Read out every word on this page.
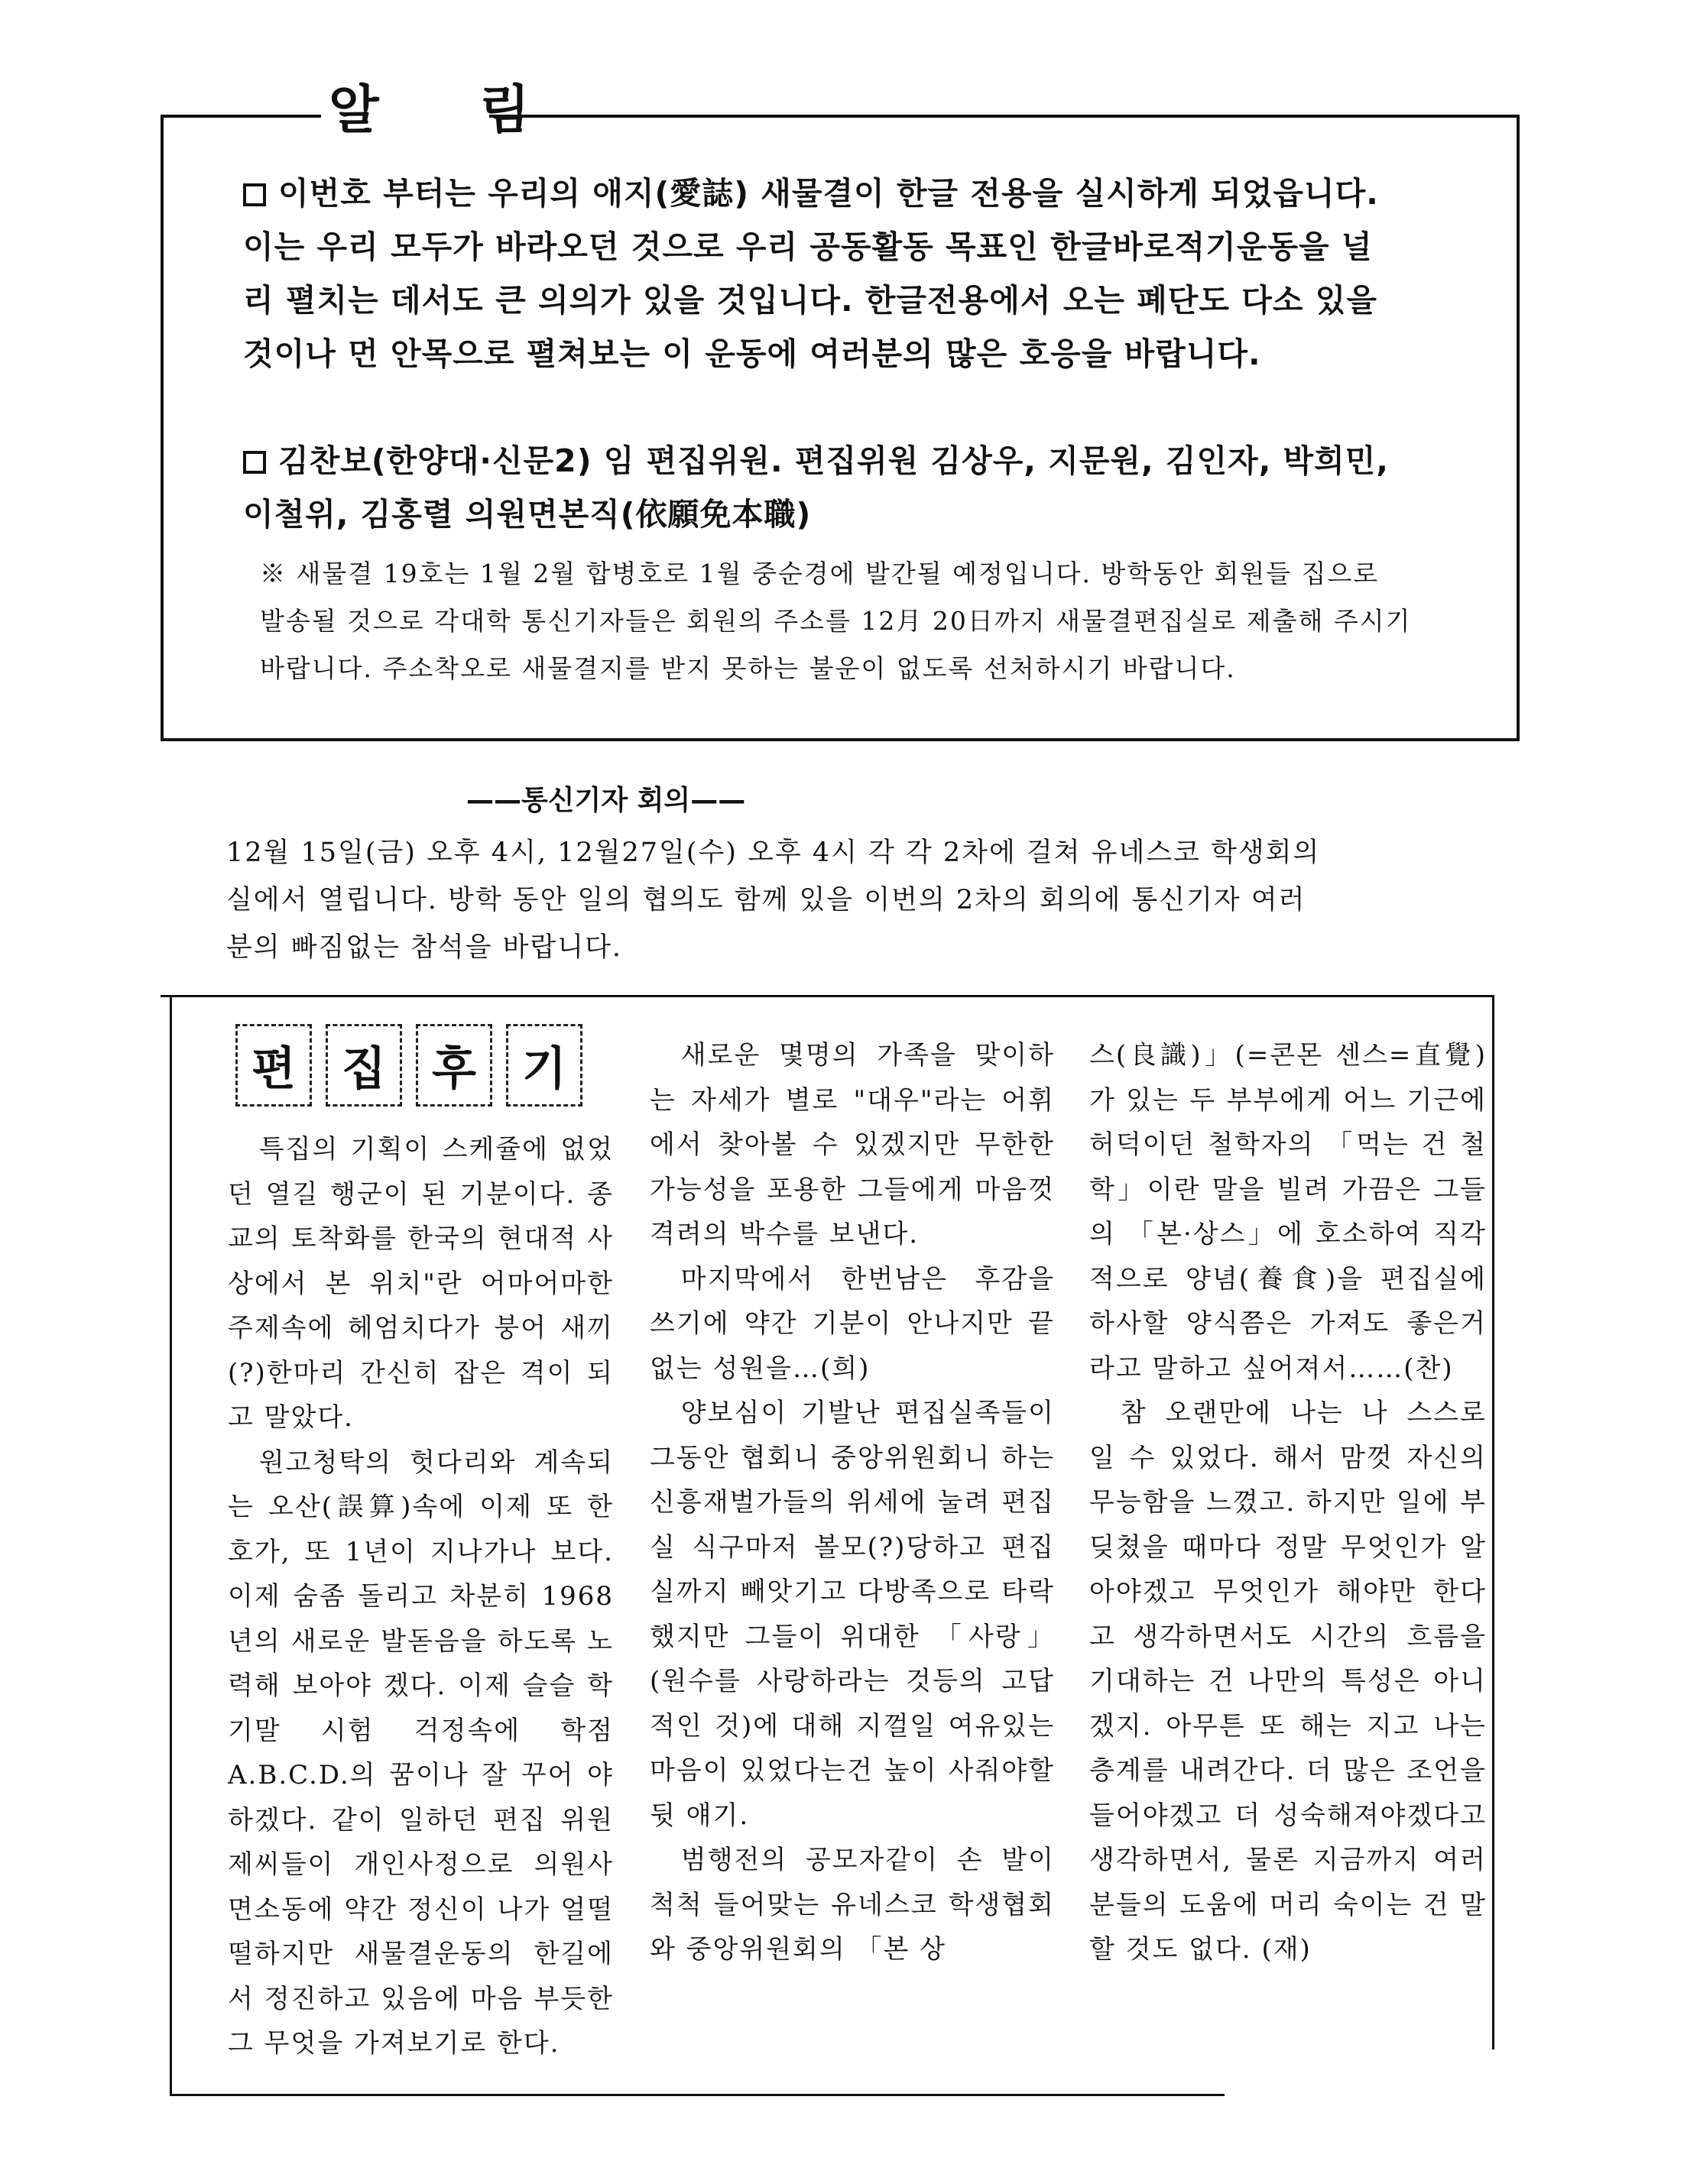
알 림
이번호 부터는 우리의 애지(愛誌) 새물결이 한글 전용을 실시하게 되었읍니다. 이는 우리 모두가 바라오던 것으로 우리 공동활동 목표인 한글바로적기운동을 널리 펼치는 데서도 큰 의의가 있을 것입니다. 한글전용에서 오는 폐단도 다소 있을 것이나 먼 안목으로 펼쳐보는 이 운동에 여러분의 많은 호응을 바랍니다.
김찬보(한양대·신문2) 임 편집위원. 편집위원 김상우, 지문원, 김인자, 박희민, 이철위, 김홍렬 의원면본직(依願免本職)
※ 새물결 19호는 1월 2월 합병호로 1월 중순경에 발간될 예정입니다. 방학동안 회원들 집으로 발송될 것으로 각대학 통신기자들은 회원의 주소를 12月 20日까지 새물결편집실로 제출해 주시기 바랍니다. 주소착오로 새물결지를 받지 못하는 불운이 없도록 선처하시기 바랍니다.
——통신기자 회의——
12월 15일(금) 오후 4시, 12월27일(수) 오후 4시 각 각 2차에 걸쳐 유네스코 학생회의
실에서 열립니다. 방학 동안 일의 협의도 함께 있을 이번의 2차의 회의에 통신기자 여러
분의 빠짐없는 참석을 바랍니다.
편	집	후	기

특집의 기획이 스케쥴에 없었던 열길 행군이 된 기분이다. 종교의 토착화를 한국의 현대적 사상에서 본 위치"란 어마어마한 주제속에 헤엄치다가 붕어 새끼(?)한마리 간신히 잡은 격이 되고 말았다.

원고청탁의 헛다리와 계속되는 오산(誤算)속에 이제 또 한 호가, 또 1년이 지나가나 보다. 이제 숨좀 돌리고 차분히 1968년의 새로운 발돋음을 하도록 노력해 보아야 겠다. 이제 슬슬 학기말 시험 걱정속에 학점 A.B.C.D.의 꿈이나 잘 꾸어 야 하겠다. 같이 일하던 편집 위원 제씨들이 개인사정으로 의원사면소동에 약간 정신이 나가 얼떨떨하지만 새물결운동의 한길에서 정진하고 있음에 마음 부듯한 그 무엇을 가져보기로 한다.

새로운 몇명의 가족을 맞이하는 자세가 별로 "대우"라는 어휘에서 찾아볼 수 있겠지만 무한한 가능성을 포용한 그들에게 마음껏 격려의 박수를 보낸다.

마지막에서 한번남은 후감을 쓰기에 약간 기분이 안나지만 끝없는 성원을…(희)

양보심이 기발난 편집실족들이 그동안 협회니 중앙위원회니 하는 신흥재벌가들의 위세에 눌려 편집실 식구마저 볼모(?)당하고 편집실까지 빼앗기고 다방족으로 타락했지만 그들이 위대한 「사랑」(원수를 사랑하라는 것등의 고답적인 것)에 대해 지껄일 여유있는 마음이 있었다는건 높이 사줘야할 뒷 얘기.

범행전의 공모자같이 손 발이 척척 들어맞는 유네스코 학생협회와 중앙위원회의 「본 상

스(良識)」(=콘몬 센스=直覺)가 있는 두 부부에게 어느 기근에 허덕이던 철학자의 「먹는 건 철학」이란 말을 빌려 가끔은 그들의 「본·상스」에 호소하여 직각적으로 양념(養食)을 편집실에 하사할 양식쯤은 가져도 좋은거라고 말하고 싶어져서……(찬)

참 오랜만에 나는 나 스스로 일 수 있었다. 해서 맘껏 자신의 무능함을 느꼈고. 하지만 일에 부딪쳤을 때마다 정말 무엇인가 알아야겠고 무엇인가 해야만 한다고 생각하면서도 시간의 흐름을 기대하는 건 나만의 특성은 아니겠지. 아무튼 또 해는 지고 나는 층계를 내려간다. 더 많은 조언을 들어야겠고 더 성숙해져야겠다고 생각하면서, 물론 지금까지 여러분들의 도움에 머리 숙이는 건 말할 것도 없다. (재)
